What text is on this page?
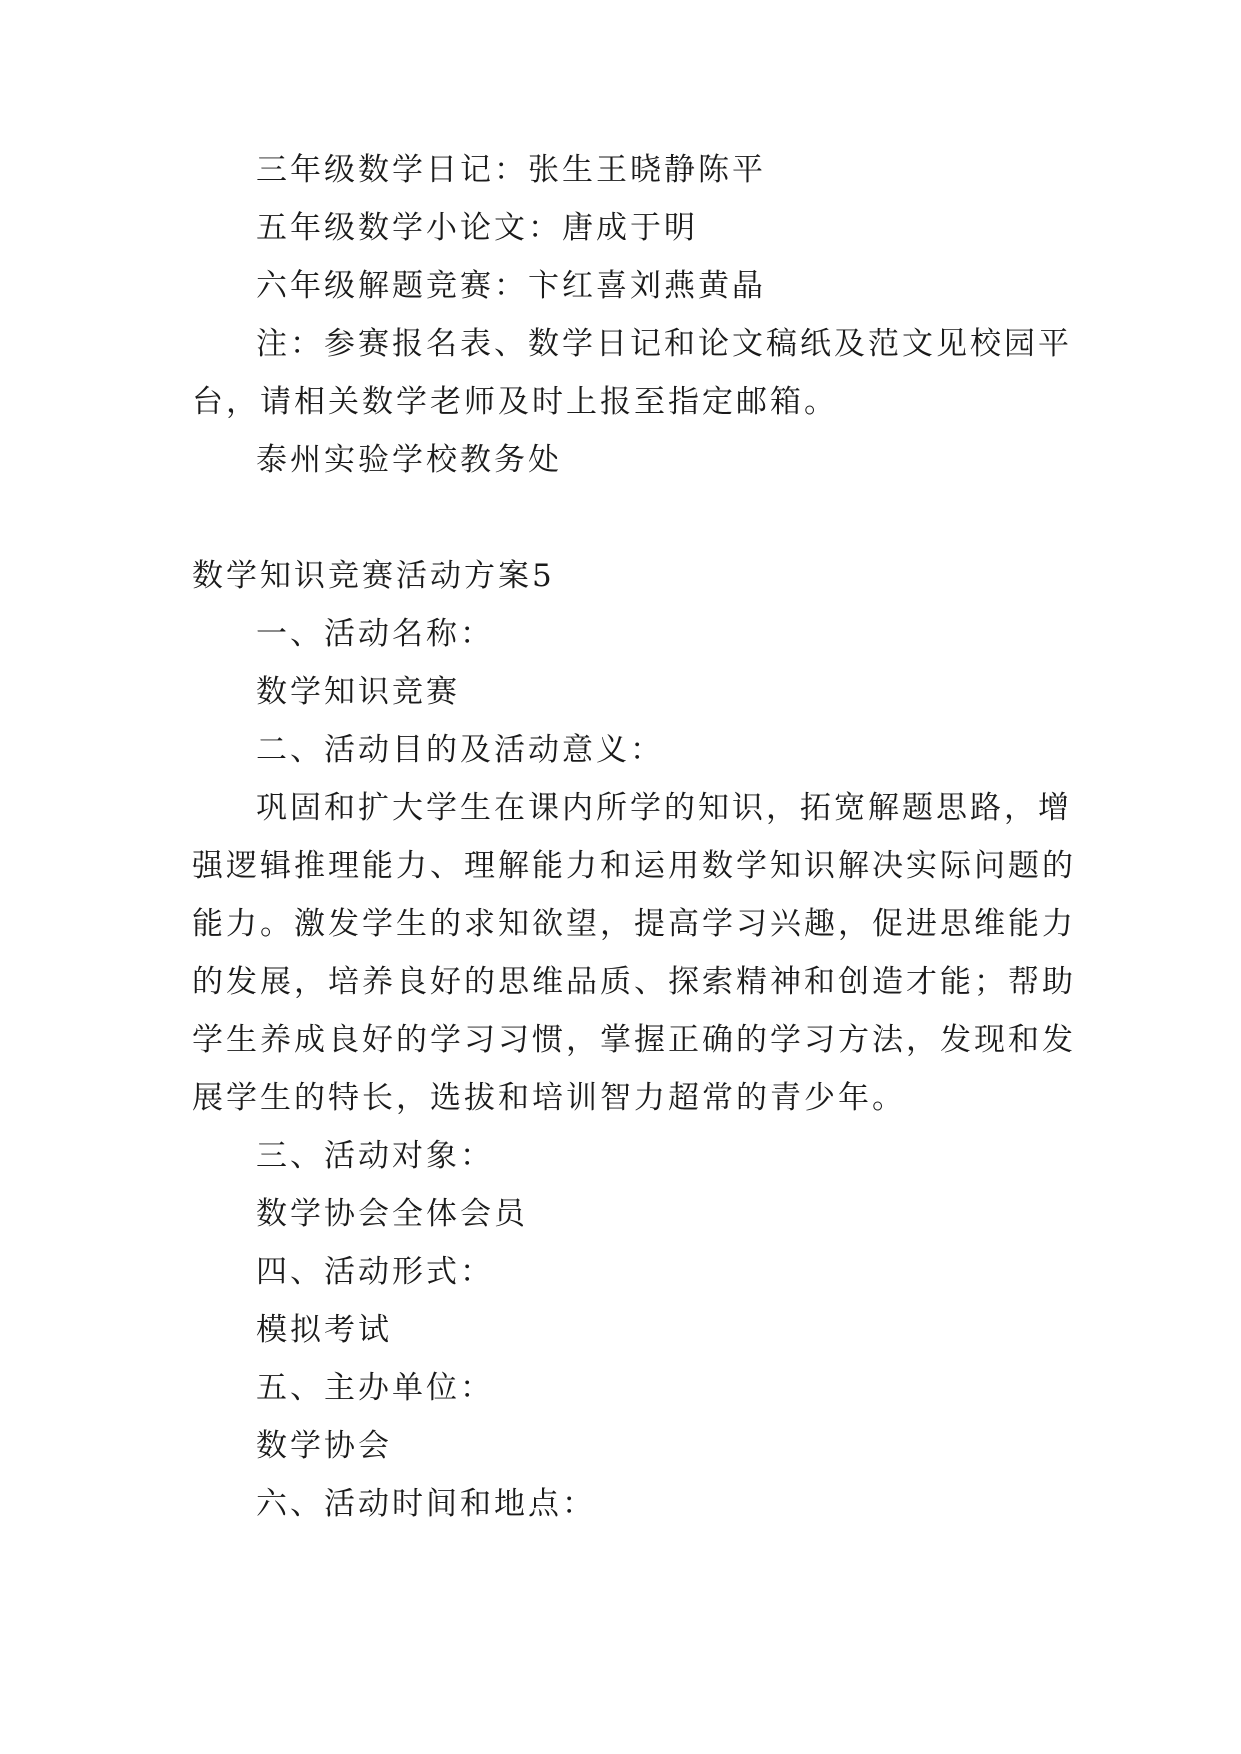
三年级数学日记：张生王晓静陈平
五年级数学小论文：唐成于明
六年级解题竞赛：卞红喜刘燕黄晶
注：参赛报名表、数学日记和论文稿纸及范文见校园平
台，请相关数学老师及时上报至指定邮箱。
泰州实验学校教务处
数学知识竞赛活动方案5
一、活动名称：
数学知识竞赛
二、活动目的及活动意义：
巩固和扩大学生在课内所学的知识，拓宽解题思路，增
强逻辑推理能力、理解能力和运用数学知识解决实际问题的
能力。激发学生的求知欲望，提高学习兴趣，促进思维能力
的发展，培养良好的思维品质、探索精神和创造才能；帮助
学生养成良好的学习习惯，掌握正确的学习方法，发现和发
展学生的特长，选拔和培训智力超常的青少年。
三、活动对象：
数学协会全体会员
四、活动形式：
模拟考试
五、主办单位：
数学协会
六、活动时间和地点：
